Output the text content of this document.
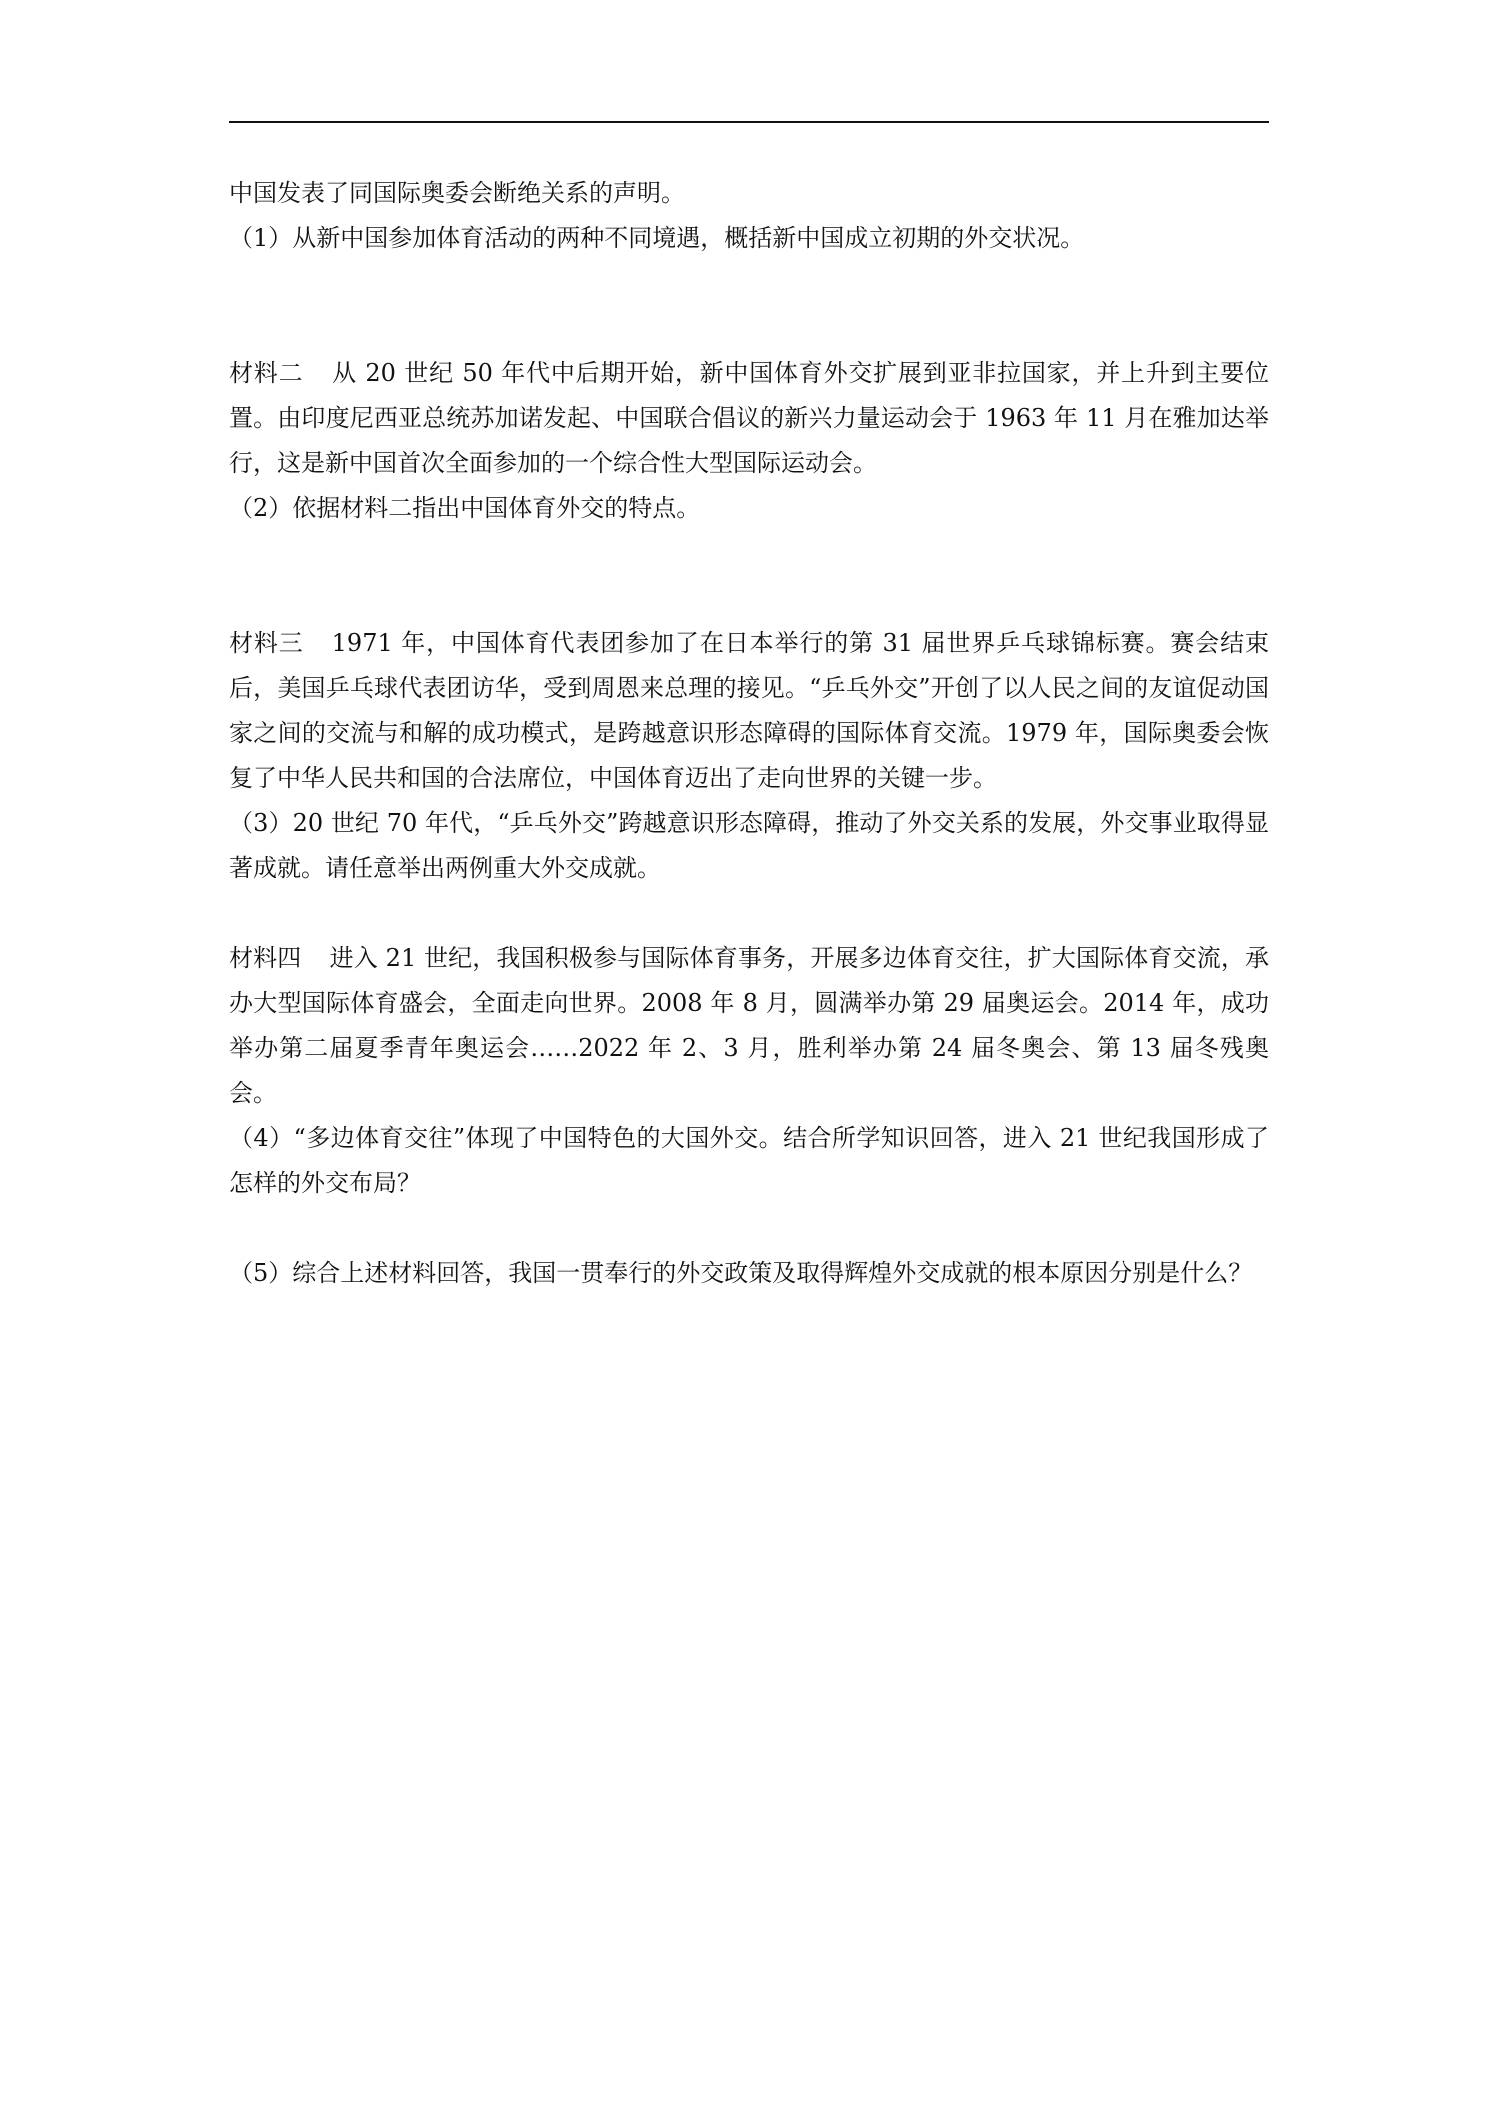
中国发表了同国际奥委会断绝关系的声明。

（1）从新中国参加体育活动的两种不同境遇，概括新中国成立初期的外交状况。

材料二 从 20 世纪 50 年代中后期开始，新中国体育外交扩展到亚非拉国家，并上升到主要位置。由印度尼西亚总统苏加诺发起、中国联合倡议的新兴力量运动会于 1963 年 11 月在雅加达举行，这是新中国首次全面参加的一个综合性大型国际运动会。

（2）依据材料二指出中国体育外交的特点。

材料三 1971 年，中国体育代表团参加了在日本举行的第 31 届世界乒乓球锦标赛。赛会结束后，美国乒乓球代表团访华，受到周恩来总理的接见。“乒乓外交”开创了以人民之间的友谊促动国家之间的交流与和解的成功模式，是跨越意识形态障碍的国际体育交流。1979 年，国际奥委会恢复了中华人民共和国的合法席位，中国体育迈出了走向世界的关键一步。

（3）20 世纪 70 年代，“乒乓外交”跨越意识形态障碍，推动了外交关系的发展，外交事业取得显著成就。请任意举出两例重大外交成就。

材料四 进入 21 世纪，我国积极参与国际体育事务，开展多边体育交往，扩大国际体育交流，承办大型国际体育盛会，全面走向世界。2008 年 8 月，圆满举办第 29 届奥运会。2014 年，成功举办第二届夏季青年奥运会……2022 年 2、3 月，胜利举办第 24 届冬奥会、第 13 届冬残奥会。

（4）“多边体育交往”体现了中国特色的大国外交。结合所学知识回答，进入 21 世纪我国形成了怎样的外交布局？

（5）综合上述材料回答，我国一贯奉行的外交政策及取得辉煌外交成就的根本原因分别是什么？
